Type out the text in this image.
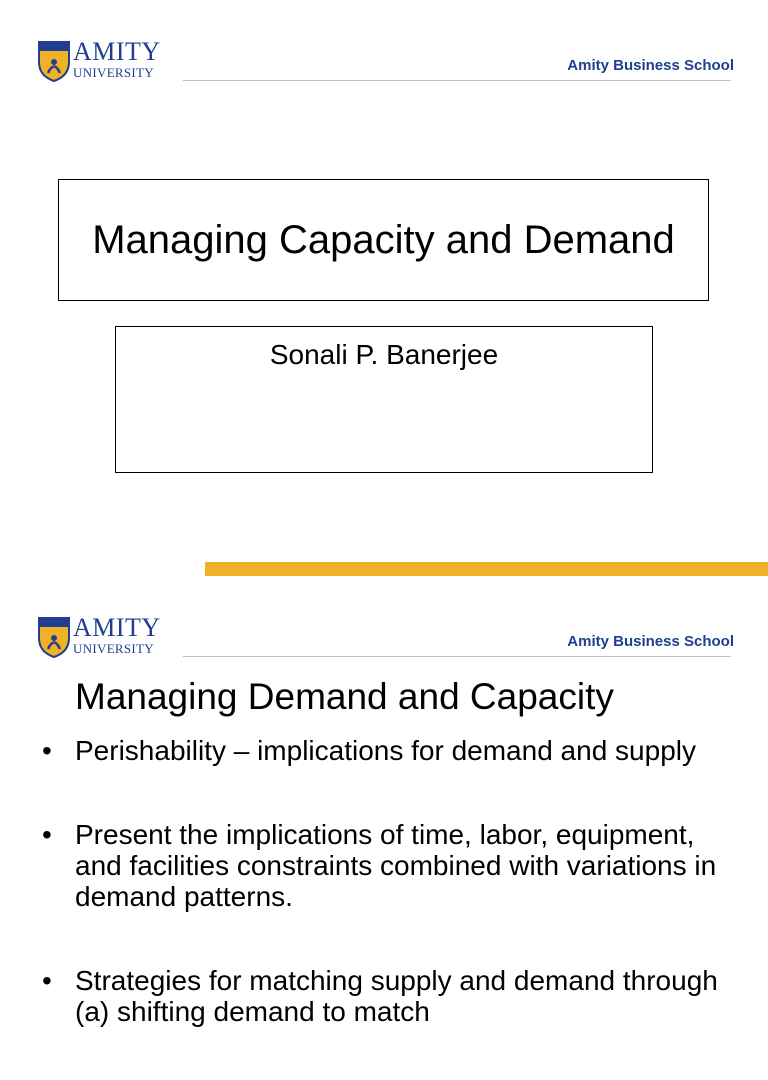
AMITY
UNIVERSITY	Amity Business School
Managing Capacity and Demand
Sonali P. Banerjee
AMITY
UNIVERSITY	Amity Business School
Managing Demand and Capacity
• Perishability – implications for demand and supply
• Present the implications of time, labor, equipment, and facilities constraints combined with variations in demand patterns.
• Strategies for matching supply and demand through (a) shifting demand to match
